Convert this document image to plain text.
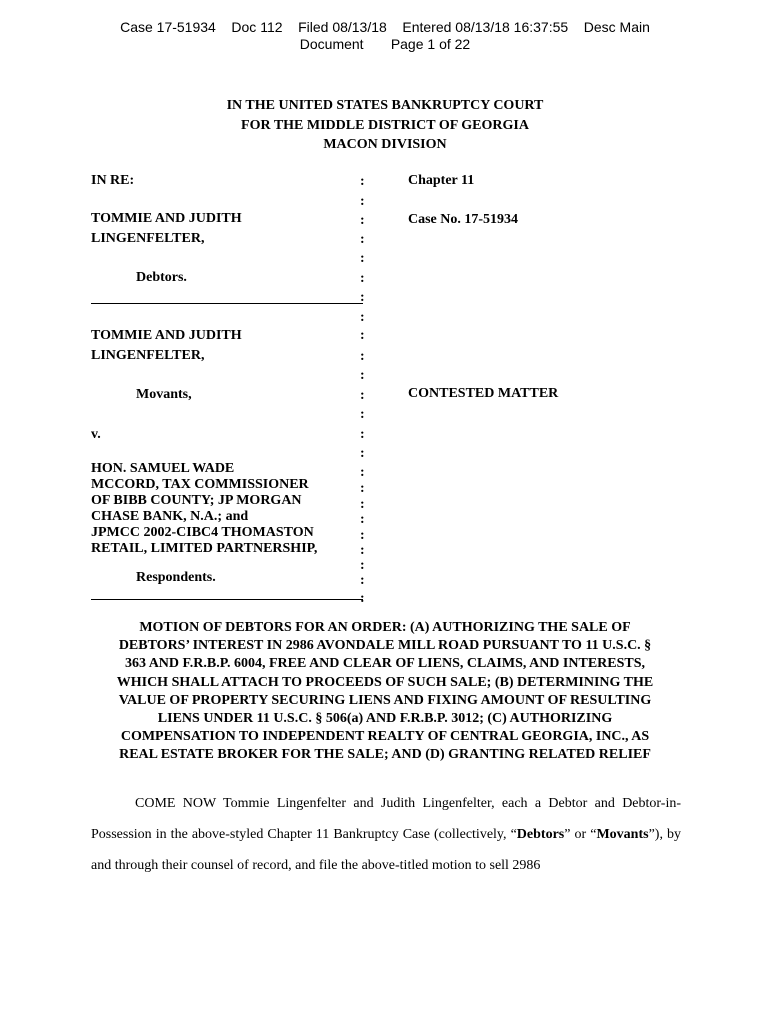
Case 17-51934 Doc 112 Filed 08/13/18 Entered 08/13/18 16:37:55 Desc Main
Document Page 1 of 22
IN THE UNITED STATES BANKRUPTCY COURT
FOR THE MIDDLE DISTRICT OF GEORGIA
MACON DIVISION
IN RE:
TOMMIE AND JUDITH
LINGENFELTER,
Debtors.
TOMMIE AND JUDITH
LINGENFELTER,
Movants,
v.
HON. SAMUEL WADE
MCCORD, TAX COMMISSIONER
OF BIBB COUNTY; JP MORGAN
CHASE BANK, N.A.; and
JPMCC 2002-CIBC4 THOMASTON
RETAIL, LIMITED PARTNERSHIP,
Respondents.
:
:
:
:
:
:
:
:
:
:
:
:
:
:
:
:
:
:
:
:
:
:
:
:
Chapter 11
Case No. 17-51934
CONTESTED MATTER
MOTION OF DEBTORS FOR AN ORDER: (A) AUTHORIZING THE SALE OF
DEBTORS’ INTEREST IN 2986 AVONDALE MILL ROAD PURSUANT TO 11 U.S.C. §
363 AND F.R.B.P. 6004, FREE AND CLEAR OF LIENS, CLAIMS, AND INTERESTS,
WHICH SHALL ATTACH TO PROCEEDS OF SUCH SALE; (B) DETERMINING THE
VALUE OF PROPERTY SECURING LIENS AND FIXING AMOUNT OF RESULTING
LIENS UNDER 11 U.S.C. § 506(a) AND F.R.B.P. 3012; (C) AUTHORIZING
COMPENSATION TO INDEPENDENT REALTY OF CENTRAL GEORGIA, INC., AS
REAL ESTATE BROKER FOR THE SALE; AND (D) GRANTING RELATED RELIEF
COME NOW Tommie Lingenfelter and Judith Lingenfelter, each a Debtor and Debtor-in-Possession in the above-styled Chapter 11 Bankruptcy Case (collectively, “Debtors” or “Movants”), by and through their counsel of record, and file the above-titled motion to sell 2986
